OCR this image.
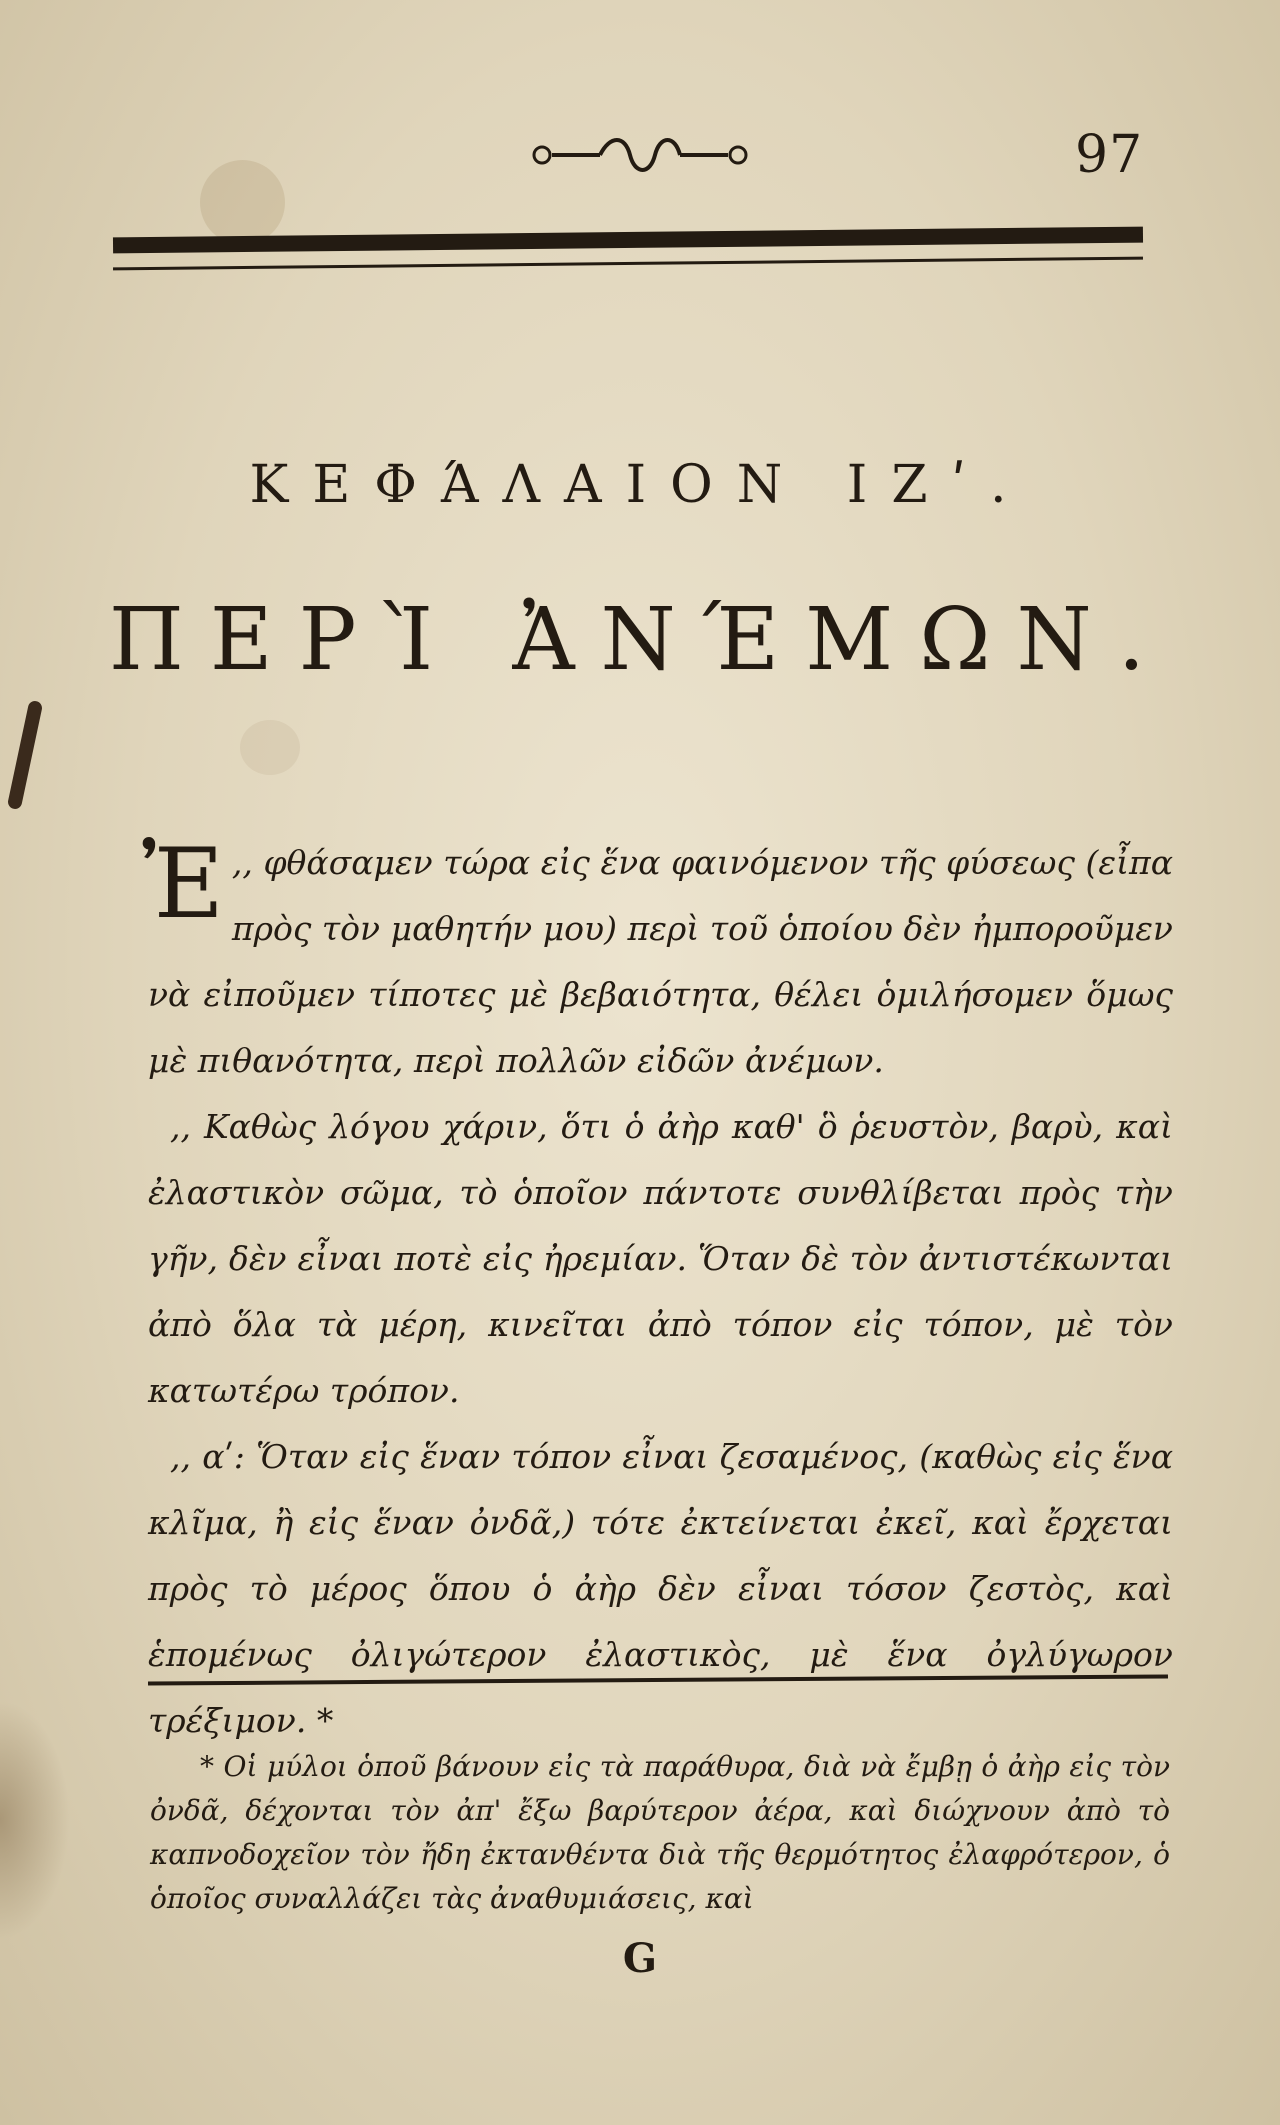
97
ΚΕΦΆΛΑΙΟΝ ΙΖʹ.
ΠΕΡῚ ἈΝΈΜΩΝ.

Ἐ ,, φθάσαμεν τώρα εἰς ἕνα φαινόμενον τῆς φύσεως (εἶπα πρὸς τὸν μαθητήν μου) περὶ τοῦ ὁποίου δὲν ἠμποροῦμεν νὰ εἰποῦμεν τίποτες μὲ βεβαιότητα, θέλει ὁμιλήσομεν ὅμως μὲ πιθανότητα, περὶ πολλῶν εἰδῶν ἀνέμων.

,, Καθὼς λόγου χάριν, ὅτι ὁ ἀὴρ καθ' ὃ ῥευστὸν, βαρὺ, καὶ ἐλαστικὸν σῶμα, τὸ ὁποῖον πάντοτε συνθλίβεται πρὸς τὴν γῆν, δὲν εἶναι ποτὲ εἰς ἠρεμίαν. Ὅταν δὲ τὸν ἀντιστέκωνται ἀπὸ ὅλα τὰ μέρη, κινεῖται ἀπὸ τόπον εἰς τόπον, μὲ τὸν κατωτέρω τρόπον.

,, αʹ: Ὅταν εἰς ἕναν τόπον εἶναι ζεσαμένος, (καθὼς εἰς ἕνα κλῖμα, ἢ εἰς ἕναν ὀνδᾶ,) τότε ἐκτείνεται ἐκεῖ, καὶ ἔρχεται πρὸς τὸ μέρος ὅπου ὁ ἀὴρ δὲν εἶναι τόσον ζεστὸς, καὶ ἑπομένως ὀλιγώτερον ἐλαστικὸς, μὲ ἕνα ὀγλύγωρον τρέξιμον. *

* Οἱ μύλοι ὁποῦ βάνουν εἰς τὰ παράθυρα, διὰ νὰ ἔμβῃ ὁ ἀὴρ εἰς τὸν ὀνδᾶ, δέχονται τὸν ἀπ' ἔξω βαρύτερον ἀέρα, καὶ διώχνουν ἀπὸ τὸ καπνοδοχεῖον τὸν ἤδη ἐκτανθέντα διὰ τῆς θερμότητος ἐλαφρότερον, ὁ ὁποῖος συναλλάζει τὰς ἀναθυμιάσεις, καὶ
G
